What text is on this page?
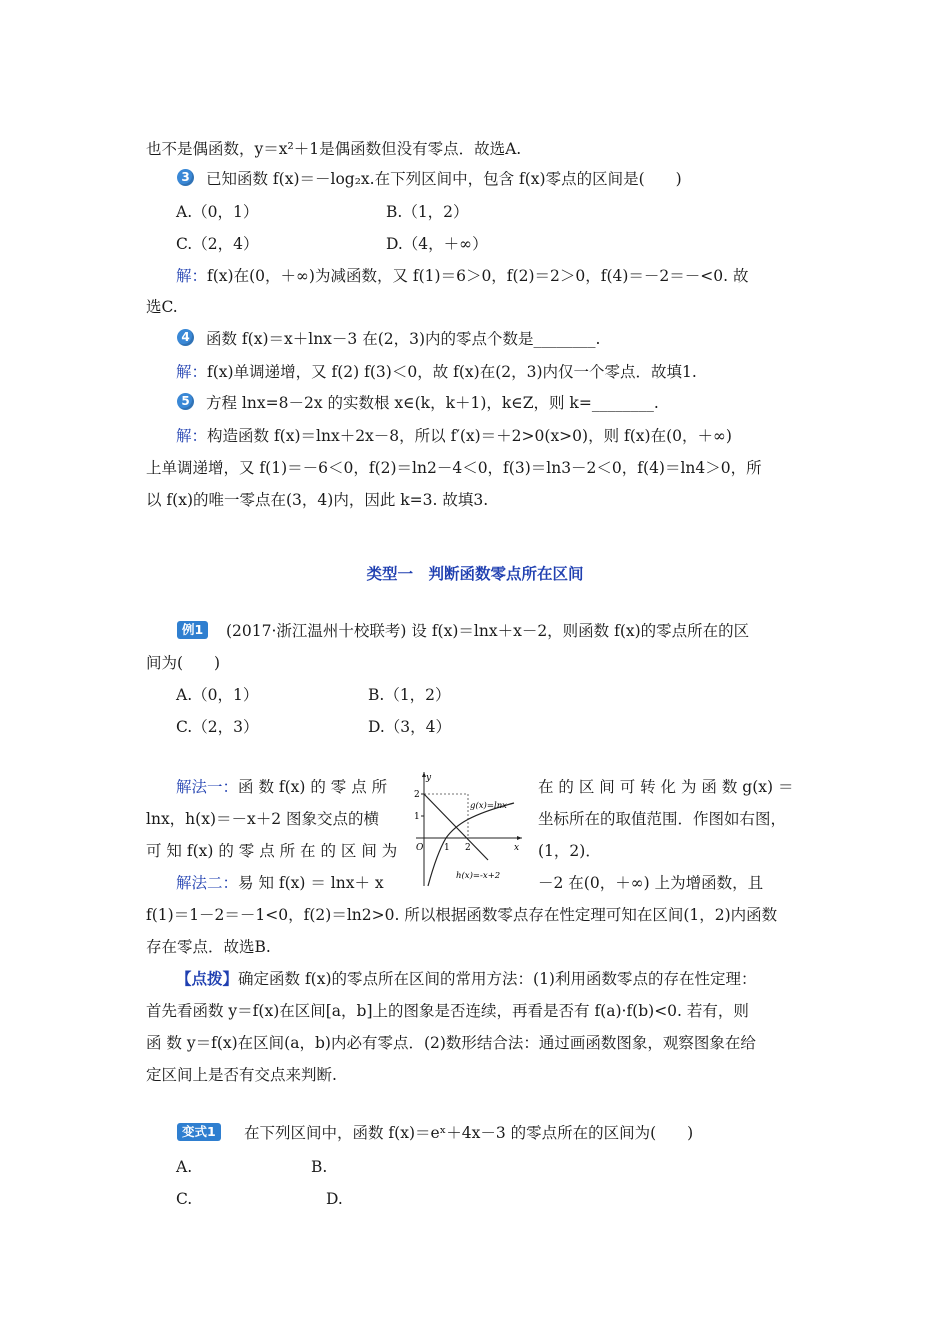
也不是偶函数，y＝x²＋1是偶函数但没有零点．故选A.
3 已知函数 f(x)＝－log₂x.在下列区间中，包含 f(x)零点的区间是(　　)
A.（0，1）	B.（1，2）
C.（2，4）	D.（4，＋∞）
解：f(x)在(0，＋∞)为减函数，又 f(1)＝6＞0，f(2)＝2＞0，f(4)＝－2＝－<0. 故
选C.
4 函数 f(x)＝x＋lnx－3 在(2，3)内的零点个数是________.
解：f(x)单调递增，又 f(2) f(3)＜0，故 f(x)在(2，3)内仅一个零点．故填1.
5 方程 lnx=8－2x 的实数根 x∈(k，k＋1)，k∈Z，则 k=________.
解：构造函数 f(x)＝lnx＋2x－8，所以 f′(x)＝＋2>0(x>0)，则 f(x)在(0，＋∞)
上单调递增，又 f(1)＝－6＜0，f(2)＝ln2－4＜0，f(3)＝ln3－2＜0，f(4)＝ln4＞0，所
以 f(x)的唯一零点在(3，4)内，因此 k=3. 故填3.
类型一　判断函数零点所在区间
例1	(2017·浙江温州十校联考) 设 f(x)＝lnx＋x－2，则函数 f(x)的零点所在的区
间为(　　)
A.（0，1）	B.（1，2）
C.（2，3）	D.（3，4）
解法一：函 数 f(x) 的 零 点 所	在 的 区 间 可 转 化 为 函 数 g(x) ＝
lnx，h(x)＝－x＋2 图象交点的横	坐标所在的取值范围．作图如右图，
可 知 f(x) 的 零 点 所 在 的 区 间 为	(1，2)．
解法二：易 知 f(x) ＝ lnx＋ x	－2 在(0，＋∞) 上为增函数，且
f(1)＝1－2＝－1<0，f(2)＝ln2>0. 所以根据函数零点存在性定理可知在区间(1，2)内函数
存在零点．故选B.
y
x
O 1 2
1
2
g(x)=lnx
h(x)=-x+2
【点拨】确定函数 f(x)的零点所在区间的常用方法：(1)利用函数零点的存在性定理：
首先看函数 y＝f(x)在区间[a，b]上的图象是否连续，再看是否有 f(a)·f(b)<0. 若有，则
函 数 y＝f(x)在区间(a，b)内必有零点．(2)数形结合法：通过画函数图象，观察图象在给
定区间上是否有交点来判断.
变式1	在下列区间中，函数 f(x)＝eˣ＋4x－3 的零点所在的区间为(　　)
A.	B.
C.	D.
